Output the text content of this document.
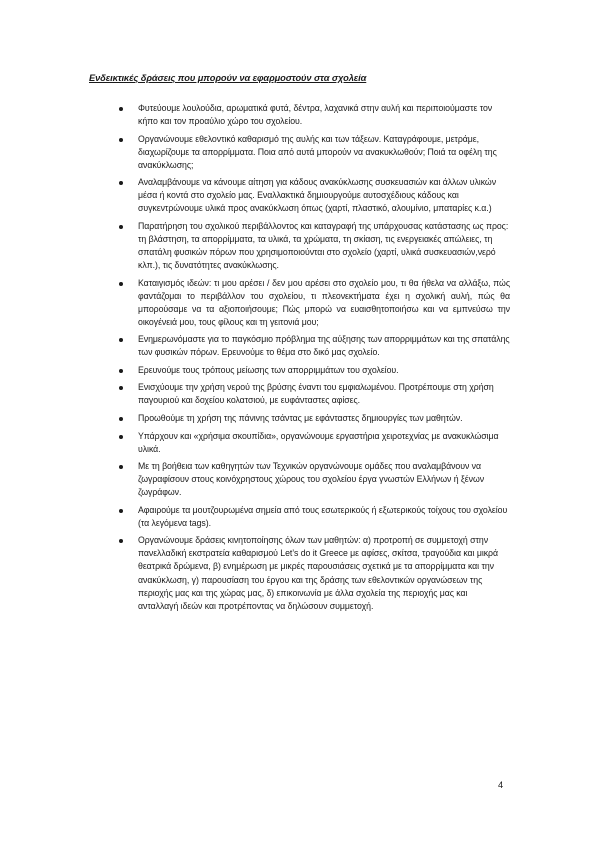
Ενδεικτικές δράσεις που μπορούν να εφαρμοστούν στα σχολεία
Φυτεύουμε λουλούδια, αρωματικά φυτά, δέντρα, λαχανικά στην αυλή και περιποιούμαστε τον κήπο και τον προαύλιο χώρο του σχολείου.
Οργανώνουμε εθελοντικό καθαρισμό της αυλής και των τάξεων. Καταγράφουμε, μετράμε, διαχωρίζουμε τα απορρίμματα. Ποια από αυτά μπορούν να ανακυκλωθούν; Ποιά τα οφέλη της ανακύκλωσης;
Αναλαμβάνουμε να κάνουμε αίτηση για κάδους ανακύκλωσης συσκευασιών και άλλων υλικών μέσα ή κοντά στο σχολείο μας. Εναλλακτικά δημιουργούμε αυτοσχέδιους κάδους και συγκεντρώνουμε υλικά προς ανακύκλωση όπως (χαρτί, πλαστικό, αλουμίνιο, μπαταρίες κ.α.)
Παρατήρηση του σχολικού περιβάλλοντος και καταγραφή της υπάρχουσας κατάστασης ως προς: τη βλάστηση, τα απορρίμματα, τα υλικά, τα χρώματα, τη σκίαση, τις ενεργειακές απώλειες, τη σπατάλη φυσικών πόρων που χρησιμοποιούνται στο σχολείο (χαρτί, υλικά συσκευασιών,νερό κλπ.), τις δυνατότητες ανακύκλωσης.
Καταιγισμός ιδεών: τι μου αρέσει / δεν μου αρέσει στο σχολείο μου, τι θα ήθελα να αλλάξω, πώς φαντάζομαι το περιβάλλον του σχολείου, τι πλεονεκτήματα έχει η σχολική αυλή, πώς θα μπορούσαμε να τα αξιοποιήσουμε; Πώς μπορώ να ευαισθητοποιήσω και να εμπνεύσω την οικογένειά μου, τους φίλους και τη γειτονιά μου;
Ενημερωνόμαστε για το παγκόσμιο πρόβλημα της αύξησης των απορριμμάτων και της σπατάλης των φυσικών πόρων. Ερευνούμε το θέμα στο δικό μας σχολείο.
Ερευνούμε τους τρόπους μείωσης των απορριμμάτων του σχολείου.
Ενισχύουμε την χρήση νερού της βρύσης έναντι του εμφιαλωμένου. Προτρέπουμε στη χρήση παγουριού και δοχείου κολατσιού, με ευφάνταστες αφίσες.
Προωθούμε τη χρήση της πάνινης τσάντας με εφάνταστες δημιουργίες των μαθητών.
Υπάρχουν και «χρήσιμα σκουπίδια», οργανώνουμε εργαστήρια χειροτεχνίας με ανακυκλώσιμα υλικά.
Με τη βοήθεια των καθηγητών των Τεχνικών οργανώνουμε ομάδες που αναλαμβάνουν να ζωγραφίσουν στους κοινόχρηστους χώρους του σχολείου έργα γνωστών Ελλήνων ή ξένων ζωγράφων.
Αφαιρούμε τα μουτζουρωμένα σημεία από τους εσωτερικούς ή εξωτερικούς τοίχους του σχολείου (τα λεγόμενα tags).
Οργανώνουμε δράσεις κινητοποίησης όλων των μαθητών: α) προτροπή σε συμμετοχή στην πανελλαδική εκστρατεία καθαρισμού Let’s do it Greece με αφίσες, σκίτσα, τραγούδια και μικρά θεατρικά δρώμενα, β) ενημέρωση με μικρές παρουσιάσεις σχετικά με τα απορρίμματα και την ανακύκλωση, γ) παρουσίαση του έργου και της δράσης των εθελοντικών οργανώσεων της περιοχής μας και της χώρας μας, δ) επικοινωνία με άλλα σχολεία της περιοχής μας και ανταλλαγή ιδεών και προτρέποντας να δηλώσουν συμμετοχή.
4
